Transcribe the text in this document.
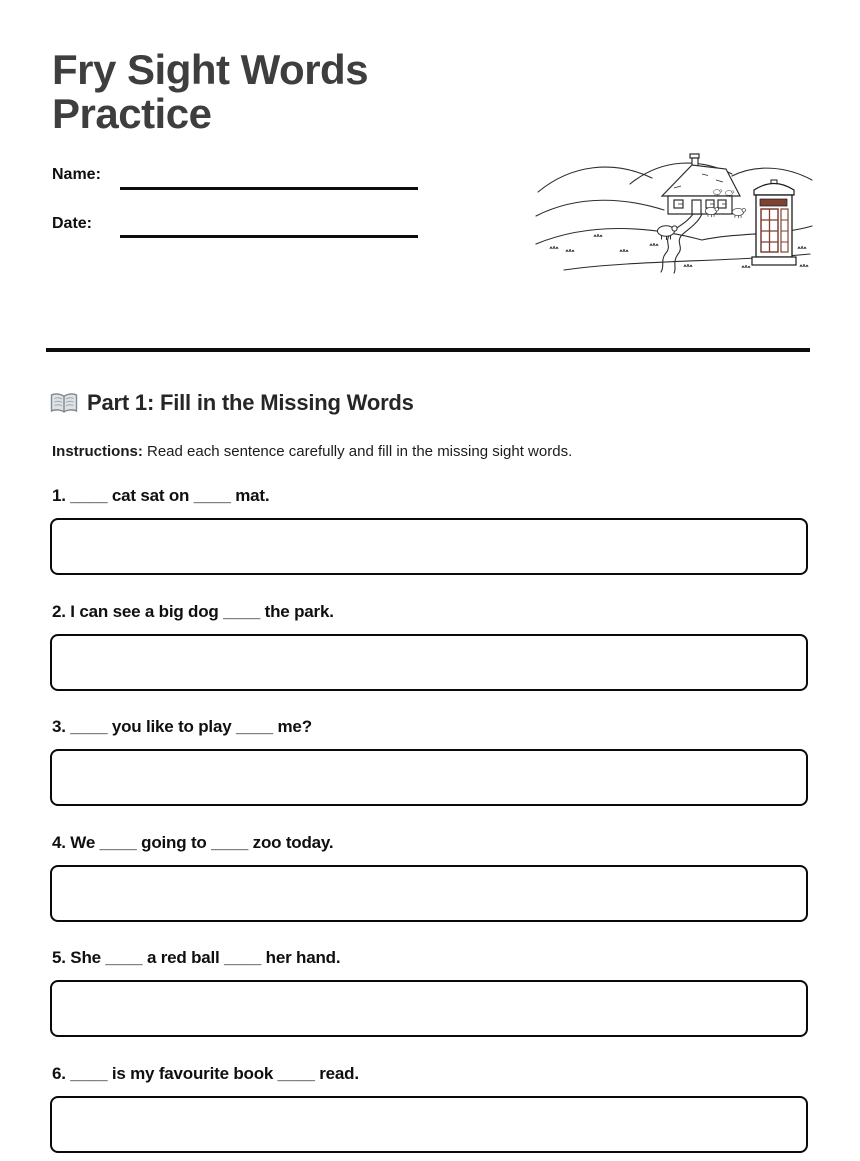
Fry Sight Words Practice
Name:
Date:
Part 1: Fill in the Missing Words

Instructions: Read each sentence carefully and fill in the missing sight words.

1. ____ cat sat on ____ mat.
2. I can see a big dog ____ the park.
3. ____ you like to play ____ me?
4. We ____ going to ____ zoo today.
5. She ____ a red ball ____ her hand.
6. ____ is my favourite book ____ read.
